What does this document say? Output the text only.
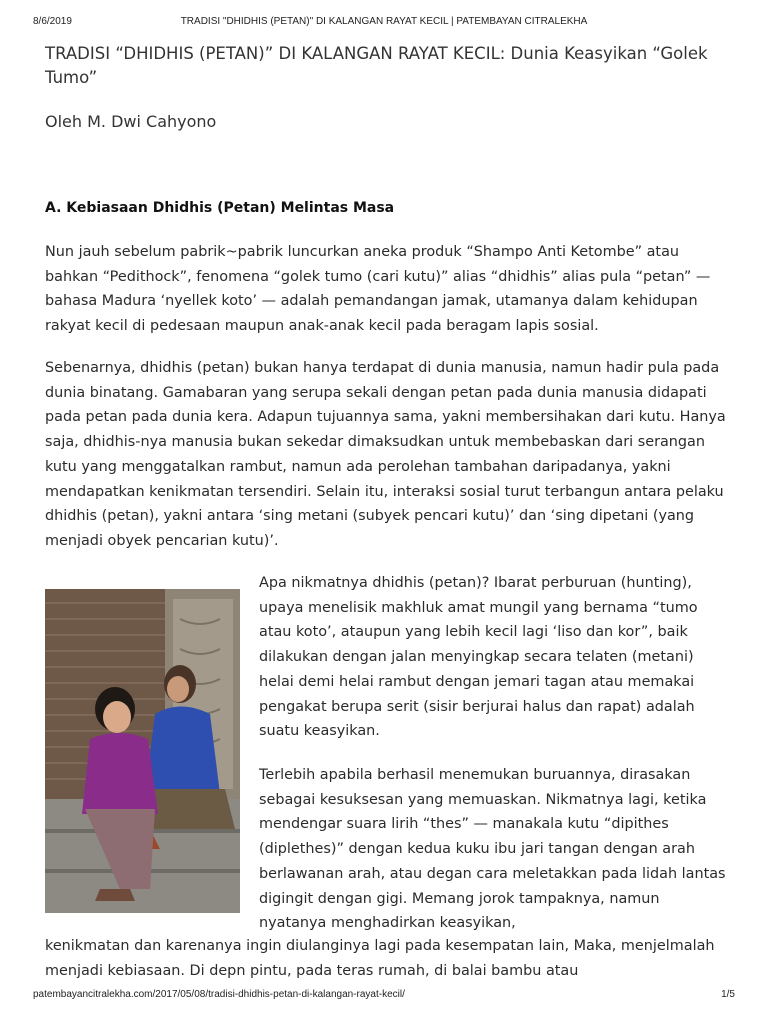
8/6/2019	TRADISI "DHIDHIS (PETAN)" DI KALANGAN RAYAT KECIL | PATEMBAYAN CITRALEKHA
TRADISI “DHIDHIS (PETAN)” DI KALANGAN RAYAT KECIL: Dunia Keasyikan “Golek Tumo”

Oleh M. Dwi Cahyono

A. Kebiasaan Dhidhis (Petan) Melintas Masa

Nun jauh sebelum pabrik~pabrik luncurkan aneka produk “Shampo Anti Ketombe” atau bahkan “Pedithock”, fenomena “golek tumo (cari kutu)” alias “dhidhis” alias pula “petan” — bahasa Madura ‘nyellek koto’ — adalah pemandangan jamak, utamanya dalam kehidupan rakyat kecil di pedesaan maupun anak-anak kecil pada beragam lapis sosial.

Sebenarnya, dhidhis (petan) bukan hanya terdapat di dunia manusia, namun hadir pula pada dunia binatang. Gamabaran yang serupa sekali dengan petan pada dunia manusia didapati pada petan pada dunia kera. Adapun tujuannya sama, yakni membersihakan dari kutu. Hanya saja, dhidhis-nya manusia bukan sekedar dimaksudkan untuk membebaskan dari serangan kutu yang menggatalkan rambut, namun ada perolehan tambahan daripadanya, yakni mendapatkan kenikmatan tersendiri. Selain itu, interaksi sosial turut terbangun antara pelaku dhidhis (petan), yakni antara ‘sing metani (subyek pencari kutu)’ dan ‘sing dipetani (yang menjadi obyek pencarian kutu)’.

Apa nikmatnya dhidhis (petan)? Ibarat perburuan (hunting), upaya menelisik makhluk amat mungil yang bernama “tumo atau koto’, ataupun yang lebih kecil lagi ‘liso dan kor”, baik dilakukan dengan jalan menyingkap secara telaten (metani) helai demi helai rambut dengan jemari tagan atau memakai pengakat berupa serit (sisir berjurai halus dan rapat) adalah suatu keasyikan.

Terlebih apabila berhasil menemukan buruannya, dirasakan sebagai kesuksesan yang memuaskan. Nikmatnya lagi, ketika mendengar suara lirih “thes” — manakala kutu “dipithes (diplethes)” dengan kedua kuku ibu jari tangan dengan arah berlawanan arah, atau degan cara meletakkan pada lidah lantas digingit dengan gigi. Memang jorok tampaknya, namun nyatanya menghadirkan keasyikan,

kenikmatan dan karenanya ingin diulanginya lagi pada kesempatan lain, Maka, menjelmalah menjadi kebiasaan. Di depn pintu, pada teras rumah, di balai bambu atau

patembayancitralekha.com/2017/05/08/tradisi-dhidhis-petan-di-kalangan-rayat-kecil/	1/5
